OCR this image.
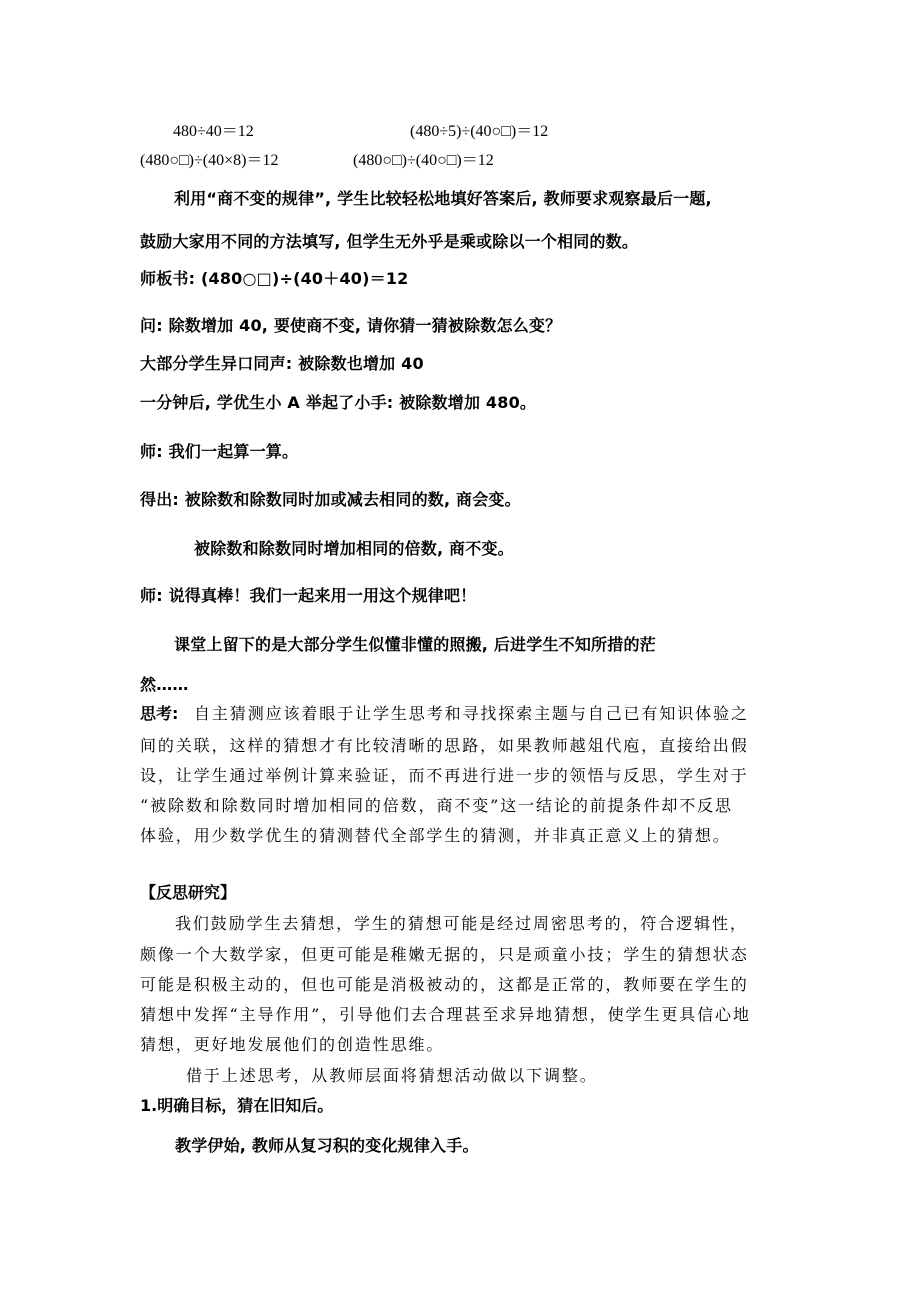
480÷40＝12	(480÷5)÷(40○□)＝12
(480○□)÷(40×8)＝12	(480○□)÷(40○□)＝12
利用“商不变的规律”, 学生比较轻松地填好答案后, 教师要求观察最后一题,
鼓励大家用不同的方法填写, 但学生无外乎是乘或除以一个相同的数。
师板书: (480○□)÷(40＋40)＝12
问: 除数增加 40, 要使商不变, 请你猜一猜被除数怎么变？
大部分学生异口同声: 被除数也增加 40
一分钟后, 学优生小 A 举起了小手: 被除数增加 480。
师: 我们一起算一算。
得出: 被除数和除数同时加或减去相同的数, 商会变。
被除数和除数同时增加相同的倍数, 商不变。
师: 说得真棒！我们一起来用一用这个规律吧！
课堂上留下的是大部分学生似懂非懂的照搬, 后进学生不知所措的茫
然……
思考: 自主猜测应该着眼于让学生思考和寻找探索主题与自己已有知识体验之
间的关联，这样的猜想才有比较清晰的思路，如果教师越俎代庖，直接给出假
设，让学生通过举例计算来验证，而不再进行进一步的领悟与反思，学生对于
“被除数和除数同时增加相同的倍数，商不变”这一结论的前提条件却不反思
体验，用少数学优生的猜测替代全部学生的猜测，并非真正意义上的猜想。
【反思研究】
我们鼓励学生去猜想，学生的猜想可能是经过周密思考的，符合逻辑性，
颇像一个大数学家，但更可能是稚嫩无据的，只是顽童小技；学生的猜想状态
可能是积极主动的，但也可能是消极被动的，这都是正常的，教师要在学生的
猜想中发挥“主导作用”，引导他们去合理甚至求异地猜想，使学生更具信心地
猜想，更好地发展他们的创造性思维。
借于上述思考，从教师层面将猜想活动做以下调整。
1.明确目标，猜在旧知后。
教学伊始, 教师从复习积的变化规律入手。
